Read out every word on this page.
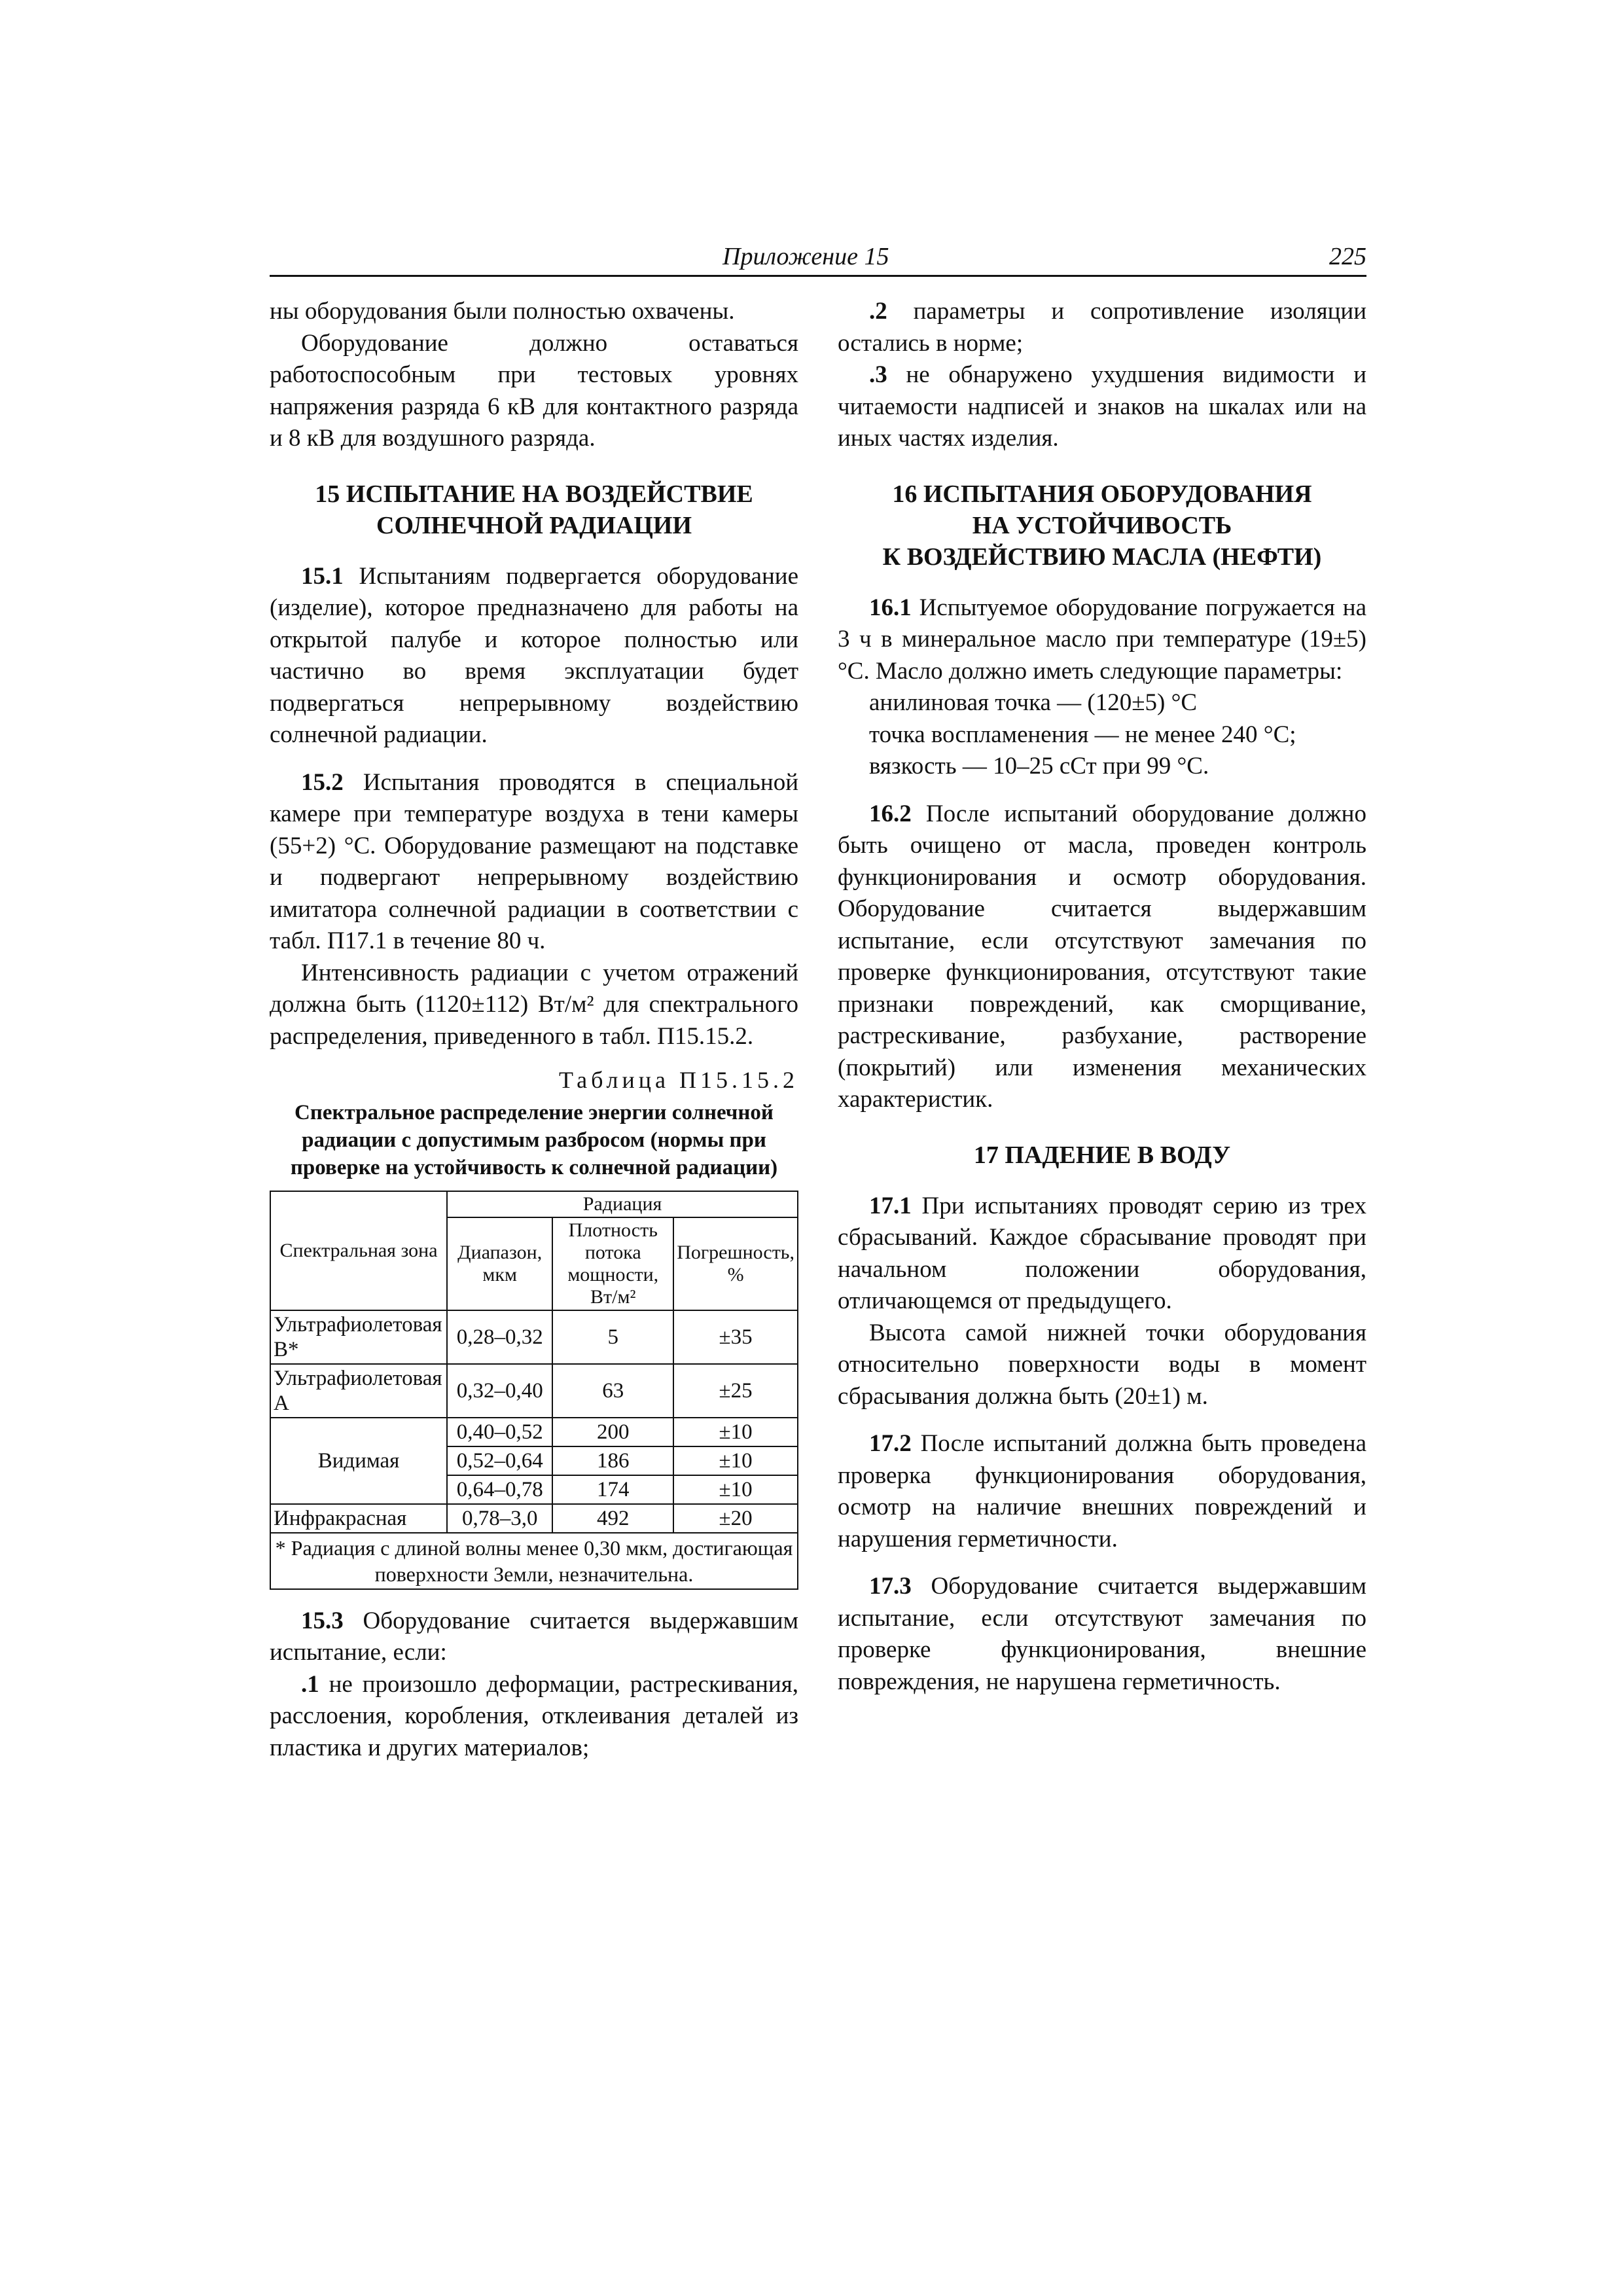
Приложение 15	225

ны оборудования были полностью охвачены.

Оборудование должно оставаться работоспособным при тестовых уровнях напряжения разряда 6 кВ для контактного разряда и 8 кВ для воздушного разряда.

15 ИСПЫТАНИЕ НА ВОЗДЕЙСТВИЕ СОЛНЕЧНОЙ РАДИАЦИИ

15.1 Испытаниям подвергается оборудование (изделие), которое предназначено для работы на открытой палубе и которое полностью или частично во время эксплуатации будет подвергаться непрерывному воздействию солнечной радиации.

15.2 Испытания проводятся в специальной камере при температуре воздуха в тени камеры (55+2) °C. Оборудование размещают на подставке и подвергают непрерывному воздействию имитатора солнечной радиации в соответствии с табл. П17.1 в течение 80 ч.

Интенсивность радиации с учетом отражений должна быть (1120±112) Вт/м² для спектрального распределения, приведенного в табл. П15.15.2.

Таблица П15.15.2
Спектральное распределение энергии солнечной радиации с допустимым разбросом (нормы при проверке на устойчивость к солнечной радиации)
Спектральная зона	Радиация		
	Диапазон, мкм	Плотность потока мощности, Вт/м²	Погрешность, %
Ультрафиолетовая В*	0,28–0,32	5	±35
Ультрафиолетовая А	0,32–0,40	63	±25
Видимая	0,40–0,52	200	±10
	0,52–0,64	186	±10
	0,64–0,78	174	±10
Инфракрасная	0,78–3,0	492	±20
* Радиация с длиной волны менее 0,30 мкм, достигающая поверхности Земли, незначительна.			

15.3 Оборудование считается выдержавшим испытание, если:

.1 не произошло деформации, растрескивания, расслоения, коробления, отклеивания деталей из пластика и других материалов;

.2 параметры и сопротивление изоляции остались в норме;

.3 не обнаружено ухудшения видимости и читаемости надписей и знаков на шкалах или на иных частях изделия.

16 ИСПЫТАНИЯ ОБОРУДОВАНИЯ
НА УСТОЙЧИВОСТЬ
К ВОЗДЕЙСТВИЮ МАСЛА (НЕФТИ)

16.1 Испытуемое оборудование погружается на 3 ч в минеральное масло при температуре (19±5) °C. Масло должно иметь следующие параметры:

анилиновая точка — (120±5) °C

точка воспламенения — не менее 240 °C;

вязкость — 10–25 сСт при 99 °C.

16.2 После испытаний оборудование должно быть очищено от масла, проведен контроль функционирования и осмотр оборудования. Оборудование считается выдержавшим испытание, если отсутствуют замечания по проверке функционирования, отсутствуют такие признаки повреждений, как сморщивание, растрескивание, разбухание, растворение (покрытий) или изменения механических характеристик.

17 ПАДЕНИЕ В ВОДУ

17.1 При испытаниях проводят серию из трех сбрасываний. Каждое сбрасывание проводят при начальном положении оборудования, отличающемся от предыдущего.

Высота самой нижней точки оборудования относительно поверхности воды в момент сбрасывания должна быть (20±1) м.

17.2 После испытаний должна быть проведена проверка функционирования оборудования, осмотр на наличие внешних повреждений и нарушения герметичности.

17.3 Оборудование считается выдержавшим испытание, если отсутствуют замечания по проверке функционирования, внешние повреждения, не нарушена герметичность.
